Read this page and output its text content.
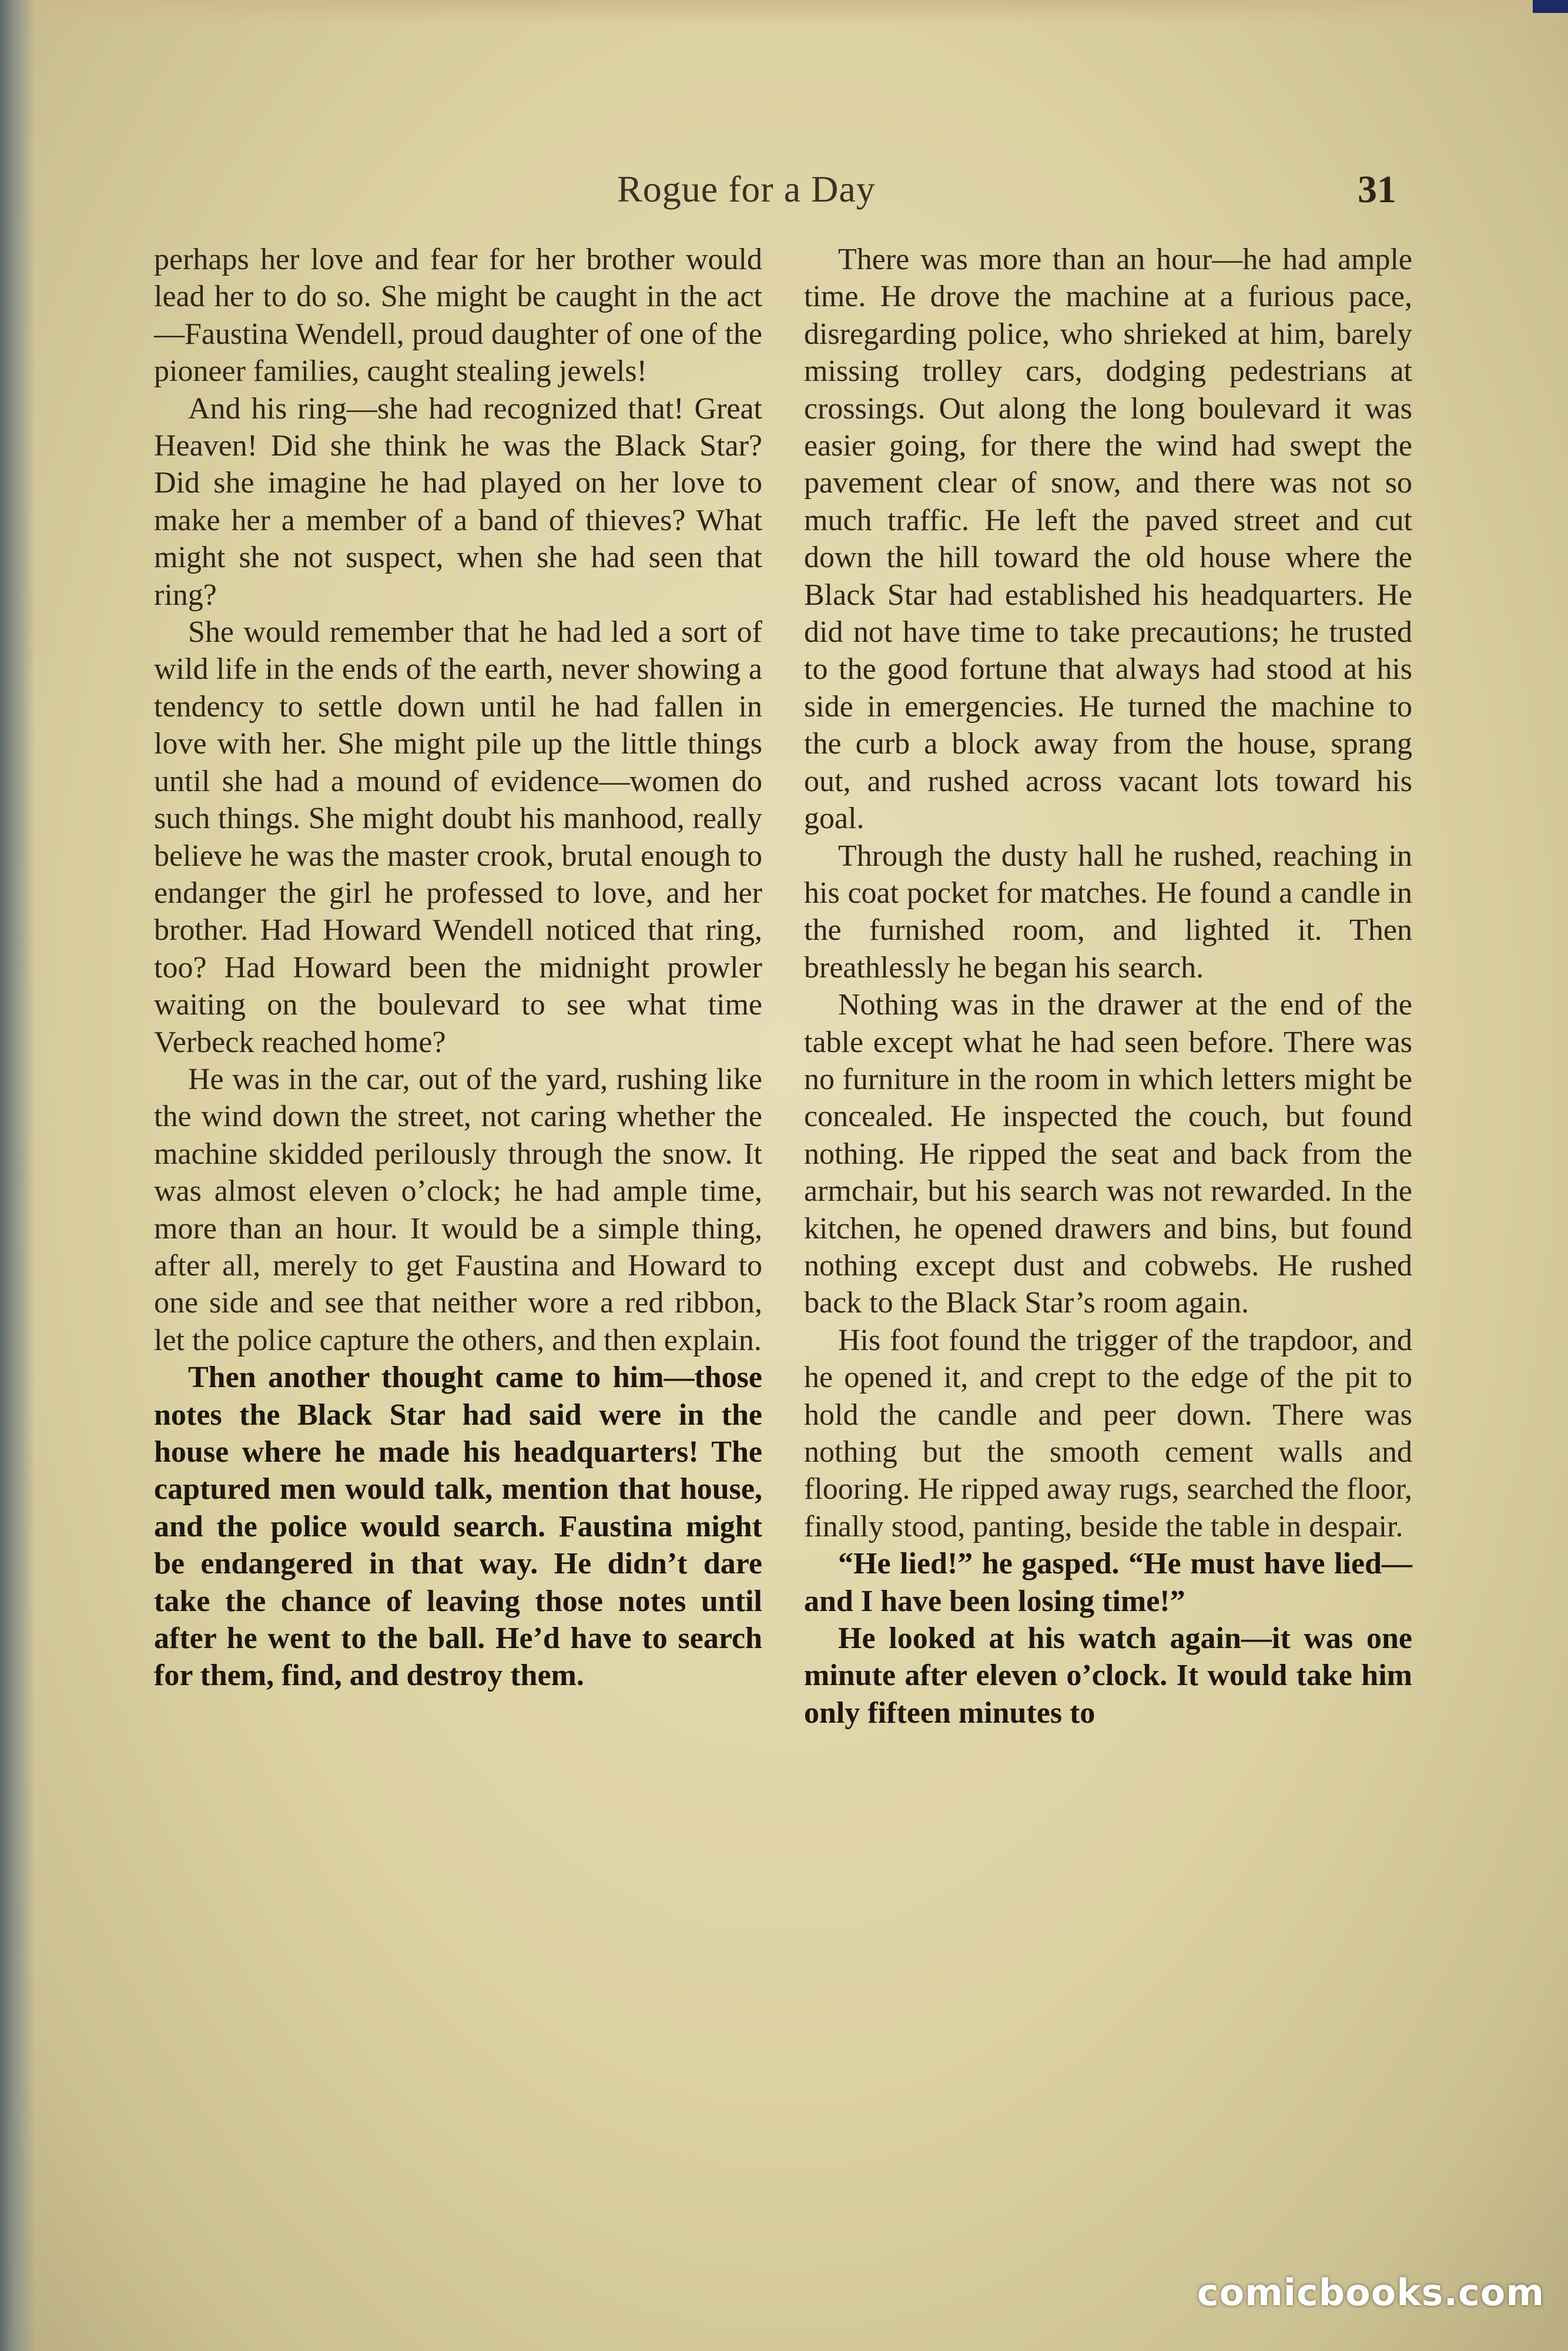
Rogue for a Day	31

perhaps her love and fear for her brother would lead her to do so. She might be caught in the act—Faustina Wendell, proud daughter of one of the pioneer families, caught stealing jewels!

And his ring—she had recognized that! Great Heaven! Did she think he was the Black Star? Did she imagine he had played on her love to make her a member of a band of thieves? What might she not suspect, when she had seen that ring?

She would remember that he had led a sort of wild life in the ends of the earth, never showing a tendency to settle down until he had fallen in love with her. She might pile up the little things until she had a mound of evidence—women do such things. She might doubt his manhood, really believe he was the master crook, brutal enough to endanger the girl he professed to love, and her brother. Had Howard Wendell noticed that ring, too? Had Howard been the midnight prowler waiting on the boulevard to see what time Verbeck reached home?

He was in the car, out of the yard, rushing like the wind down the street, not caring whether the machine skidded perilously through the snow. It was almost eleven o’clock; he had ample time, more than an hour. It would be a simple thing, after all, merely to get Faustina and Howard to one side and see that neither wore a red ribbon, let the police capture the others, and then explain.

Then another thought came to him—those notes the Black Star had said were in the house where he made his headquarters! The captured men would talk, mention that house, and the police would search. Faustina might be endangered in that way. He didn’t dare take the chance of leaving those notes until after he went to the ball. He’d have to search for them, find, and destroy them.

There was more than an hour—he had ample time. He drove the machine at a furious pace, disregarding police, who shrieked at him, barely missing trolley cars, dodging pedestrians at crossings. Out along the long boulevard it was easier going, for there the wind had swept the pavement clear of snow, and there was not so much traffic. He left the paved street and cut down the hill toward the old house where the Black Star had established his headquarters. He did not have time to take precautions; he trusted to the good fortune that always had stood at his side in emergencies. He turned the machine to the curb a block away from the house, sprang out, and rushed across vacant lots toward his goal.

Through the dusty hall he rushed, reaching in his coat pocket for matches. He found a candle in the furnished room, and lighted it. Then breathlessly he began his search.

Nothing was in the drawer at the end of the table except what he had seen before. There was no furniture in the room in which letters might be concealed. He inspected the couch, but found nothing. He ripped the seat and back from the armchair, but his search was not rewarded. In the kitchen, he opened drawers and bins, but found nothing except dust and cobwebs. He rushed back to the Black Star’s room again.

His foot found the trigger of the trapdoor, and he opened it, and crept to the edge of the pit to hold the candle and peer down. There was nothing but the smooth cement walls and flooring. He ripped away rugs, searched the floor, finally stood, panting, beside the table in despair.

“He lied!” he gasped. “He must have lied—and I have been losing time!”

He looked at his watch again—it was one minute after eleven o’clock. It would take him only fifteen minutes to

comicbooks.com
